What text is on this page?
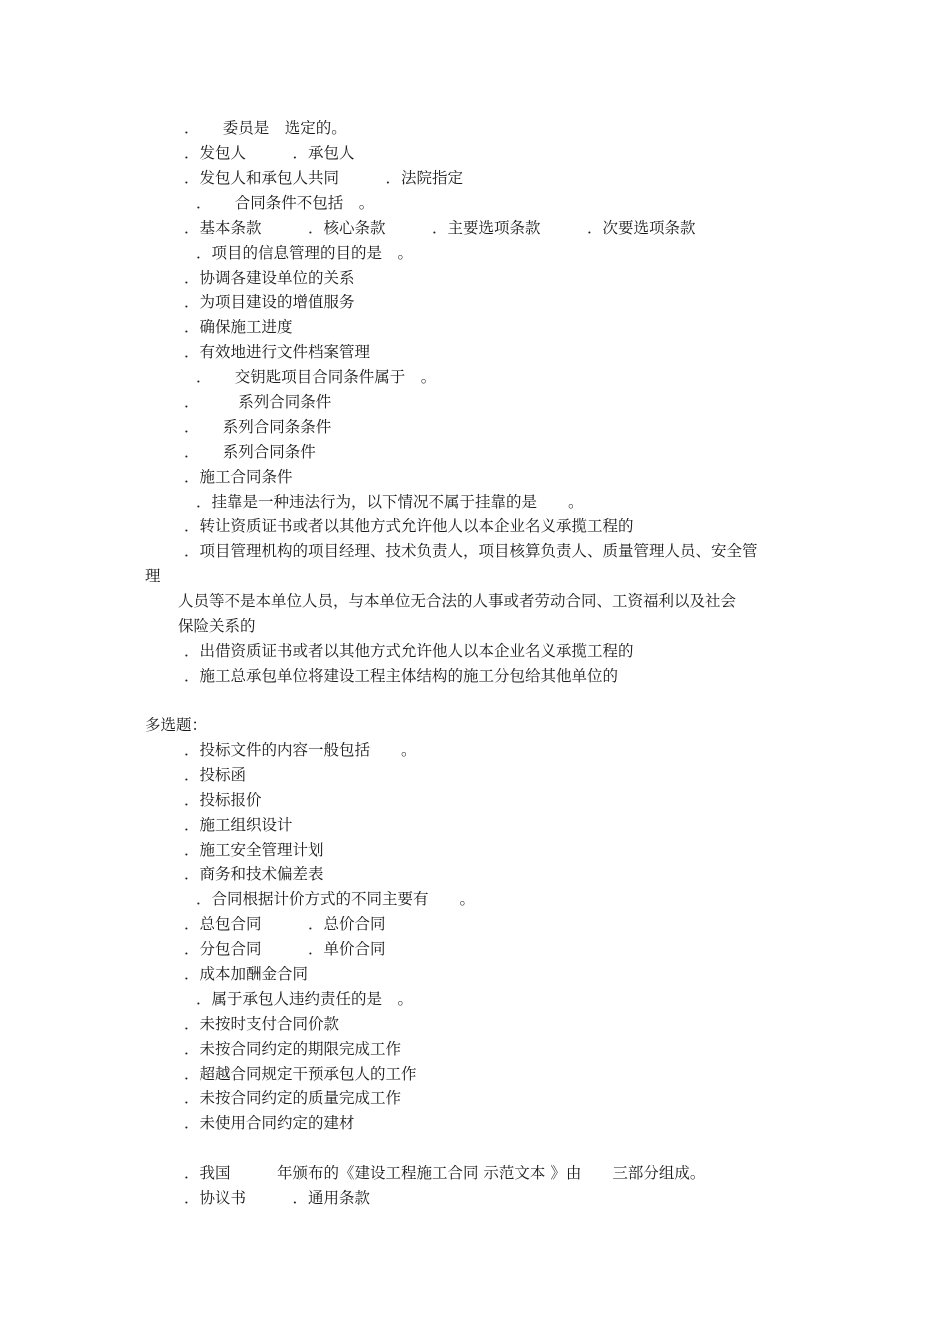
．　　委员是　选定的。
．发包人　　　．承包人
．发包人和承包人共同　　　．法院指定
．　　合同条件不包括　。
．基本条款　　　．核心条款　　　．主要选项条款　　　．次要选项条款
．项目的信息管理的目的是　。
．协调各建设单位的关系
．为项目建设的增值服务
．确保施工进度
．有效地进行文件档案管理
．　　交钥匙项目合同条件属于　。
．　　　系列合同条件
．　　系列合同条条件
．　　系列合同条件
．施工合同条件
．挂靠是一种违法行为，以下情况不属于挂靠的是　　。
．转让资质证书或者以其他方式允许他人以本企业名义承揽工程的
．项目管理机构的项目经理、技术负责人，项目核算负责人、质量管理人员、安全管
理
人员等不是本单位人员，与本单位无合法的人事或者劳动合同、工资福利以及社会
保险关系的
．出借资质证书或者以其他方式允许他人以本企业名义承揽工程的
．施工总承包单位将建设工程主体结构的施工分包给其他单位的
多选题：
．投标文件的内容一般包括　　。
．投标函
．投标报价
．施工组织设计
．施工安全管理计划
．商务和技术偏差表
．合同根据计价方式的不同主要有　　。
．总包合同　　　．总价合同
．分包合同　　　．单价合同
．成本加酬金合同
．属于承包人违约责任的是　。
．未按时支付合同价款
．未按合同约定的期限完成工作
．超越合同规定干预承包人的工作
．未按合同约定的质量完成工作
．未使用合同约定的建材
．我国　　　年颁布的《建设工程施工合同 示范文本 》由　　三部分组成。
．协议书　　　．通用条款
